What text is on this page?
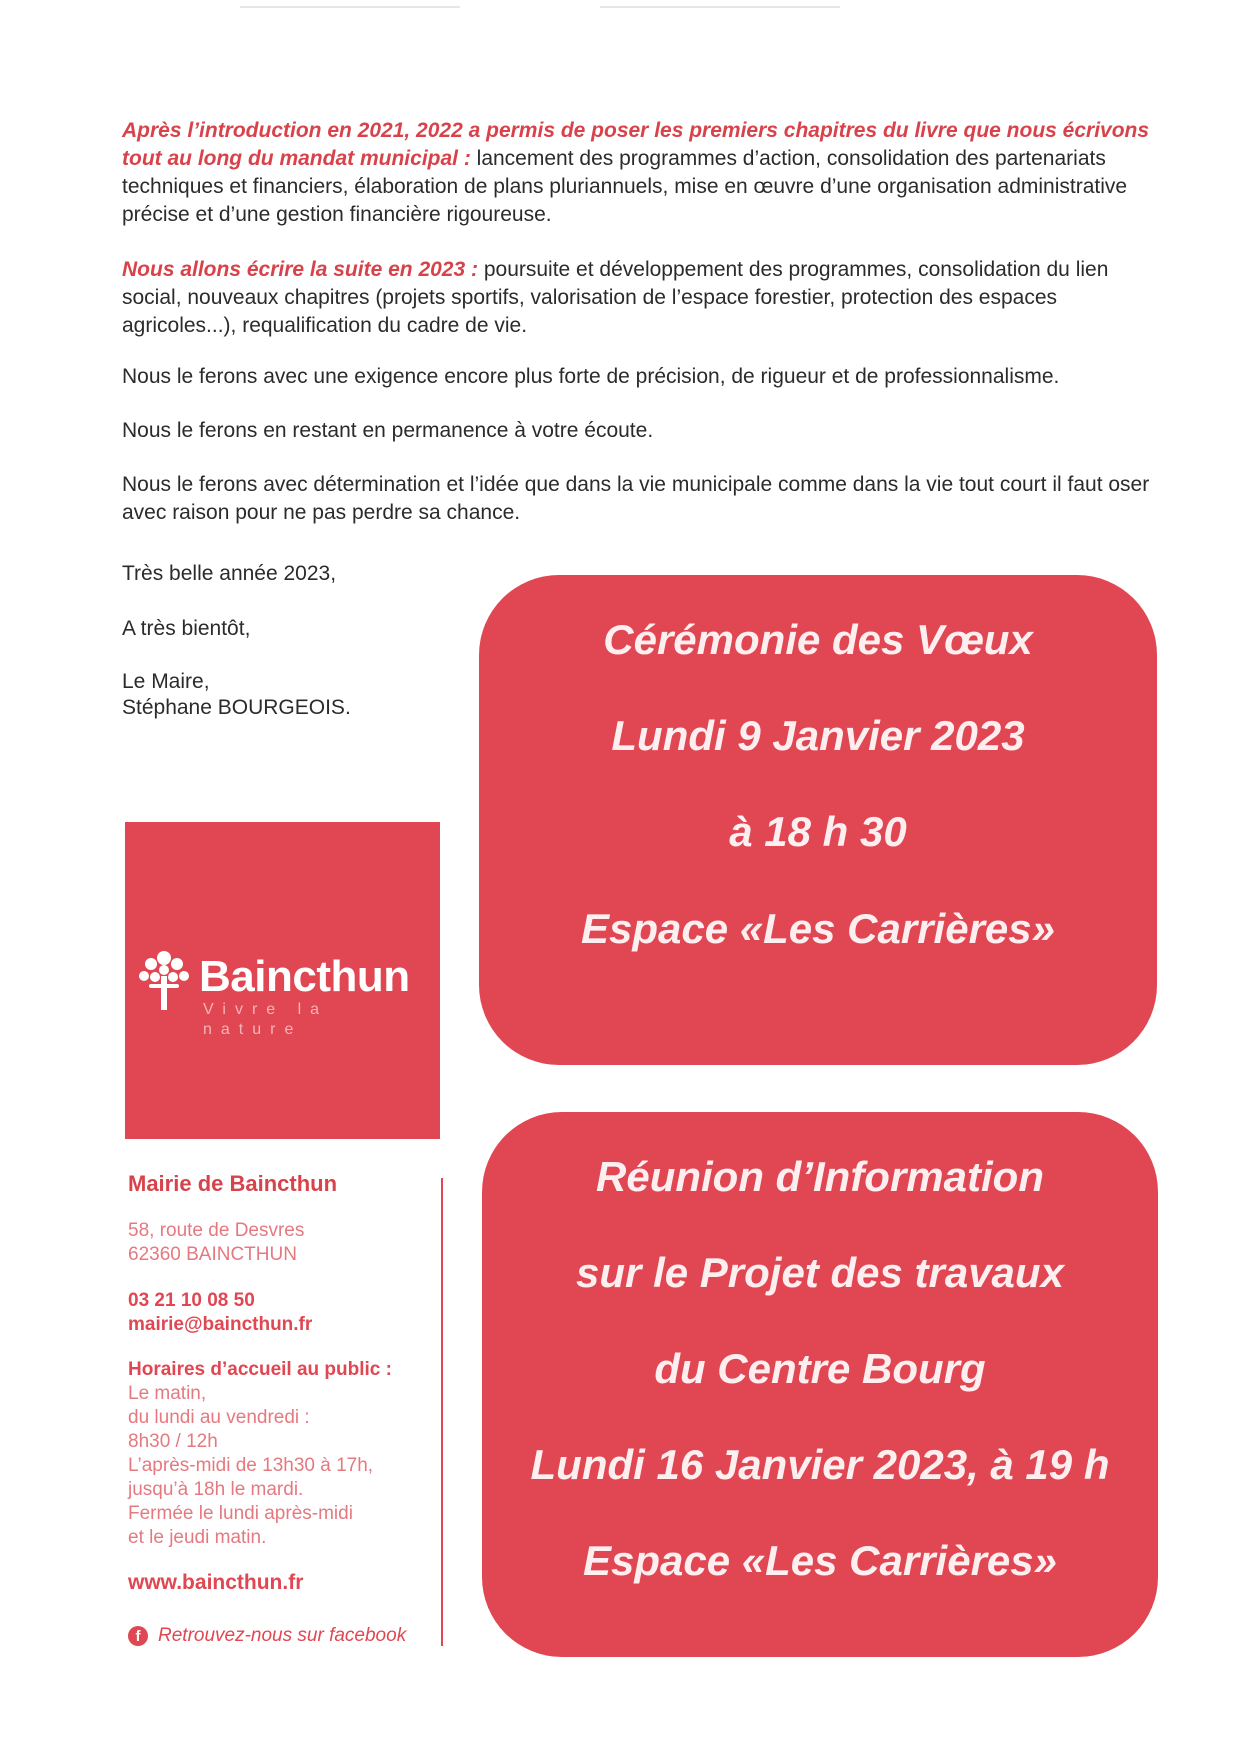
Après l’introduction en 2021, 2022 a permis de poser les premiers chapitres du livre que nous écrivons tout au long du mandat municipal : lancement des programmes d’action, consolidation des partenariats techniques et financiers, élaboration de plans pluriannuels, mise en œuvre d’une organisation administrative précise et d’une gestion financière rigoureuse.

Nous allons écrire la suite en 2023 : poursuite et développement des programmes, consolidation du lien social, nouveaux chapitres (projets sportifs, valorisation de l’espace forestier, protection des espaces agricoles...), requalification du cadre de vie.

Nous le ferons avec une exigence encore plus forte de précision, de rigueur et de professionnalisme.

Nous le ferons en restant en permanence à votre écoute.

Nous le ferons avec détermination et l’idée que dans la vie municipale comme dans la vie tout court il faut oser avec raison pour ne pas perdre sa chance.

Très belle année 2023,

A très bientôt,

Le Maire,

Stéphane BOURGEOIS.

Cérémonie des Vœux
Lundi 9 Janvier 2023
à 18 h 30
Espace «Les Carrières»
Réunion d’Information
sur le Projet des travaux
du Centre Bourg
Lundi 16 Janvier 2023, à 19 h
Espace «Les Carrières»
Baincthun
Vivre la nature

Mairie de Baincthun

58, route de Desvres

62360 BAINCTHUN

03 21 10 08 50

mairie@baincthun.fr

Horaires d’accueil au public :

Le matin,

du lundi au vendredi :

8h30 / 12h

L’après-midi de 13h30 à 17h,

jusqu’à 18h le mardi.

Fermée le lundi après-midi

et le jeudi matin.

www.baincthun.fr

f Retrouvez-nous sur facebook
